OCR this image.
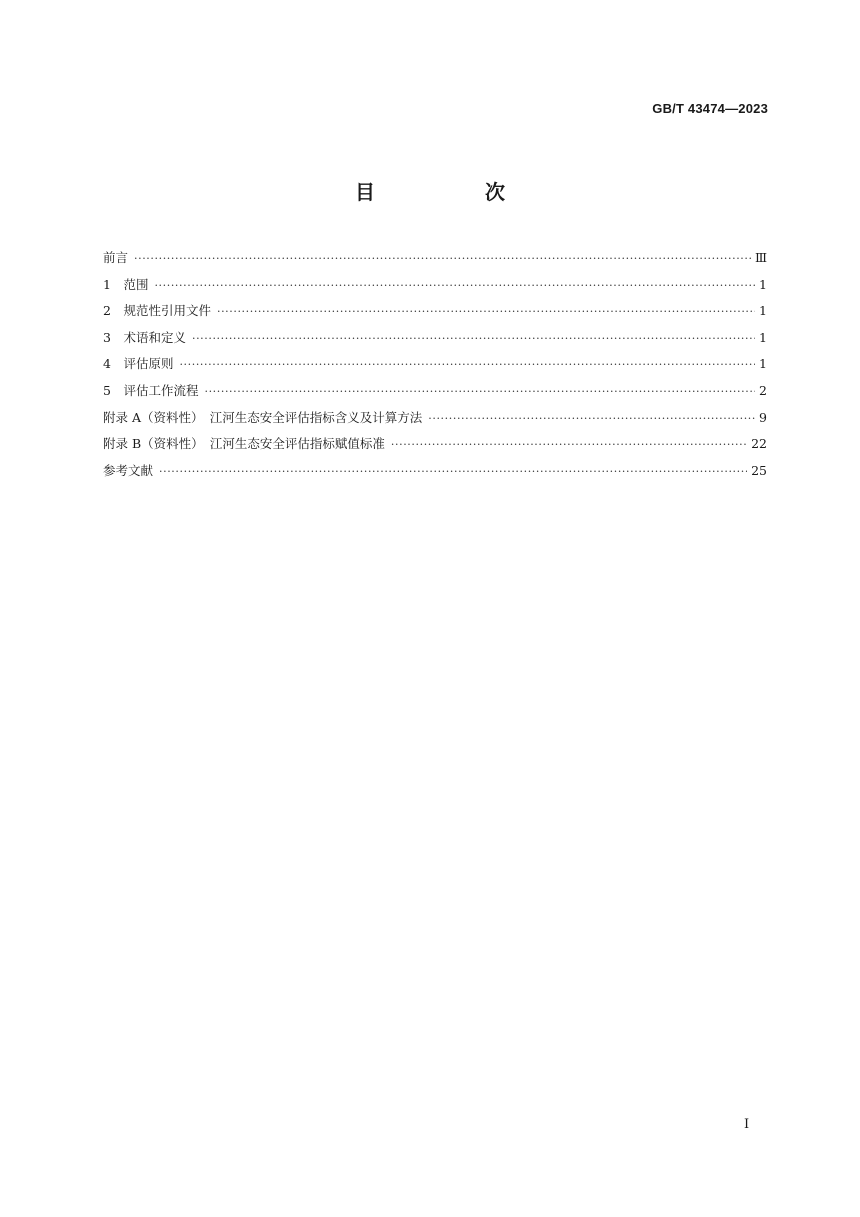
GB/T 43474—2023
目　次
前言 ·····	Ⅲ
1　范围 ·····	1
2　规范性引用文件 ·····	1
3　术语和定义 ·····	1
4　评估原则 ·····	1
5　评估工作流程 ·····	2
附录 A（资料性）　江河生态安全评估指标含义及计算方法 ·····	9
附录 B（资料性）　江河生态安全评估指标赋值标准 ·····	22
参考文献 ·····	25
Ⅰ
